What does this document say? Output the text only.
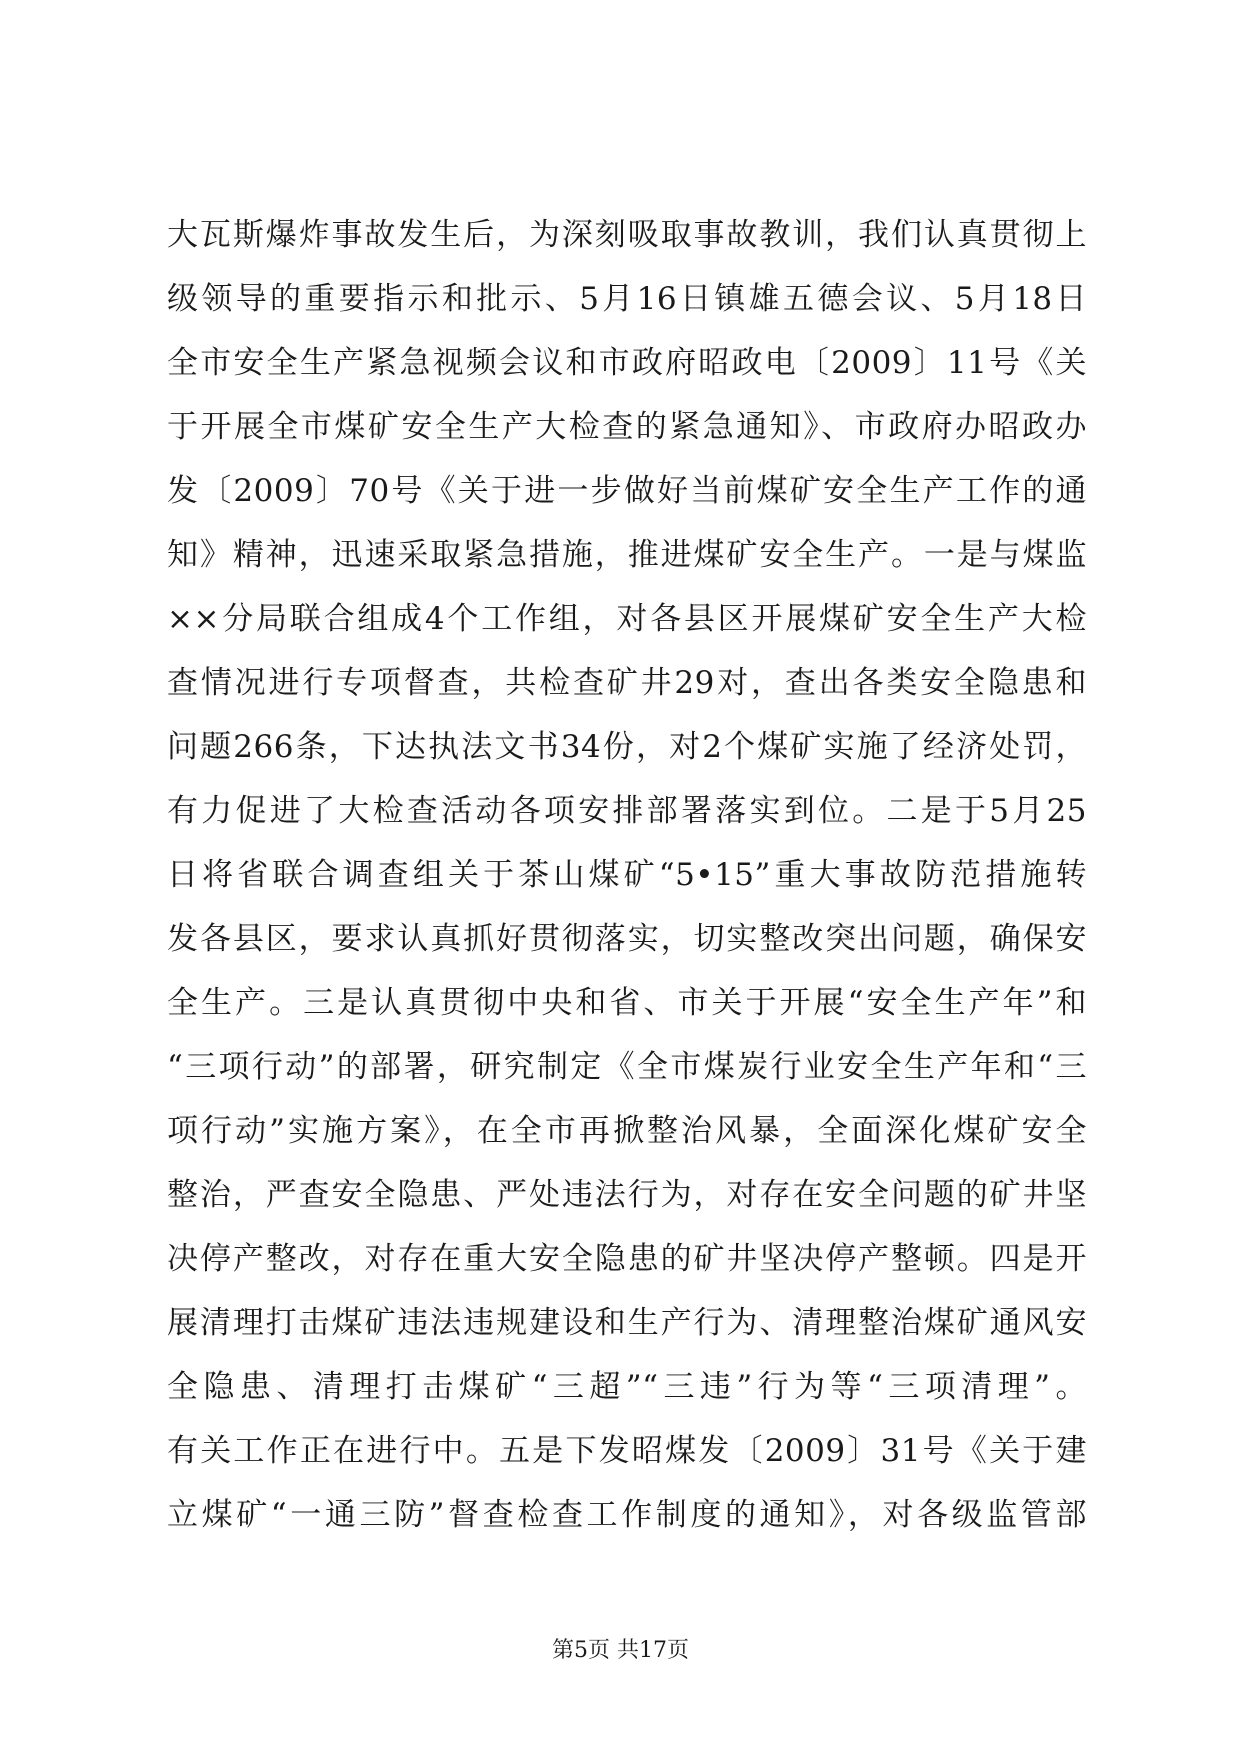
大瓦斯爆炸事故发生后，为深刻吸取事故教训，我们认真贯彻上
级领导的重要指示和批示、5月16日镇雄五德会议、5月18日
全市安全生产紧急视频会议和市政府昭政电〔2009〕11号《关
于开展全市煤矿安全生产大检查的紧急通知》、市政府办昭政办
发〔2009〕70号《关于进一步做好当前煤矿安全生产工作的通
知》精神，迅速采取紧急措施，推进煤矿安全生产。一是与煤监
××分局联合组成4个工作组，对各县区开展煤矿安全生产大检
查情况进行专项督查，共检查矿井29对，查出各类安全隐患和
问题266条，下达执法文书34份，对2个煤矿实施了经济处罚，
有力促进了大检查活动各项安排部署落实到位。二是于5月25
日将省联合调查组关于茶山煤矿“5•15”重大事故防范措施转
发各县区，要求认真抓好贯彻落实，切实整改突出问题，确保安
全生产。三是认真贯彻中央和省、市关于开展“安全生产年”和
“三项行动”的部署，研究制定《全市煤炭行业安全生产年和“三
项行动”实施方案》，在全市再掀整治风暴，全面深化煤矿安全
整治，严查安全隐患、严处违法行为，对存在安全问题的矿井坚
决停产整改，对存在重大安全隐患的矿井坚决停产整顿。四是开
展清理打击煤矿违法违规建设和生产行为、清理整治煤矿通风安
全隐患、清理打击煤矿“三超”“三违”行为等“三项清理”。
有关工作正在进行中。五是下发昭煤发〔2009〕31号《关于建
立煤矿“一通三防”督查检查工作制度的通知》，对各级监管部
第5页 共17页
